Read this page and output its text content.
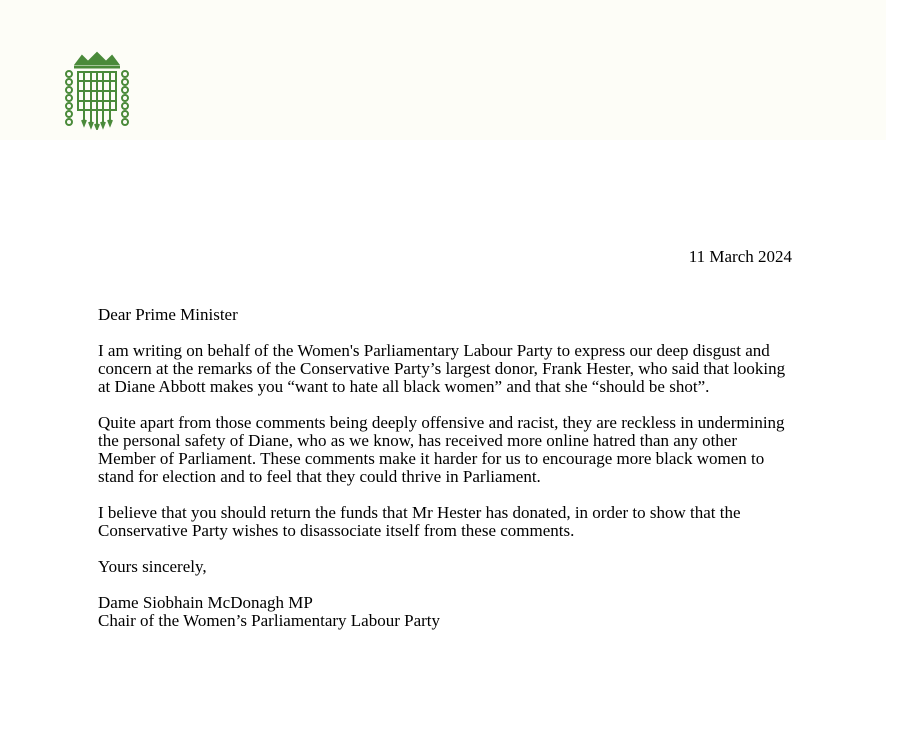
11 March 2024

Dear Prime Minister

I am writing on behalf of the Women's Parliamentary Labour Party to express our deep disgust and concern at the remarks of the Conservative Party’s largest donor, Frank Hester, who said that looking at Diane Abbott makes you “want to hate all black women” and that she “should be shot”.

Quite apart from those comments being deeply offensive and racist, they are reckless in undermining the personal safety of Diane, who as we know, has received more online hatred than any other Member of Parliament. These comments make it harder for us to encourage more black women to stand for election and to feel that they could thrive in Parliament.

I believe that you should return the funds that Mr Hester has donated, in order to show that the Conservative Party wishes to disassociate itself from these comments.

Yours sincerely,

Dame Siobhain McDonagh MP
Chair of the Women’s Parliamentary Labour Party
